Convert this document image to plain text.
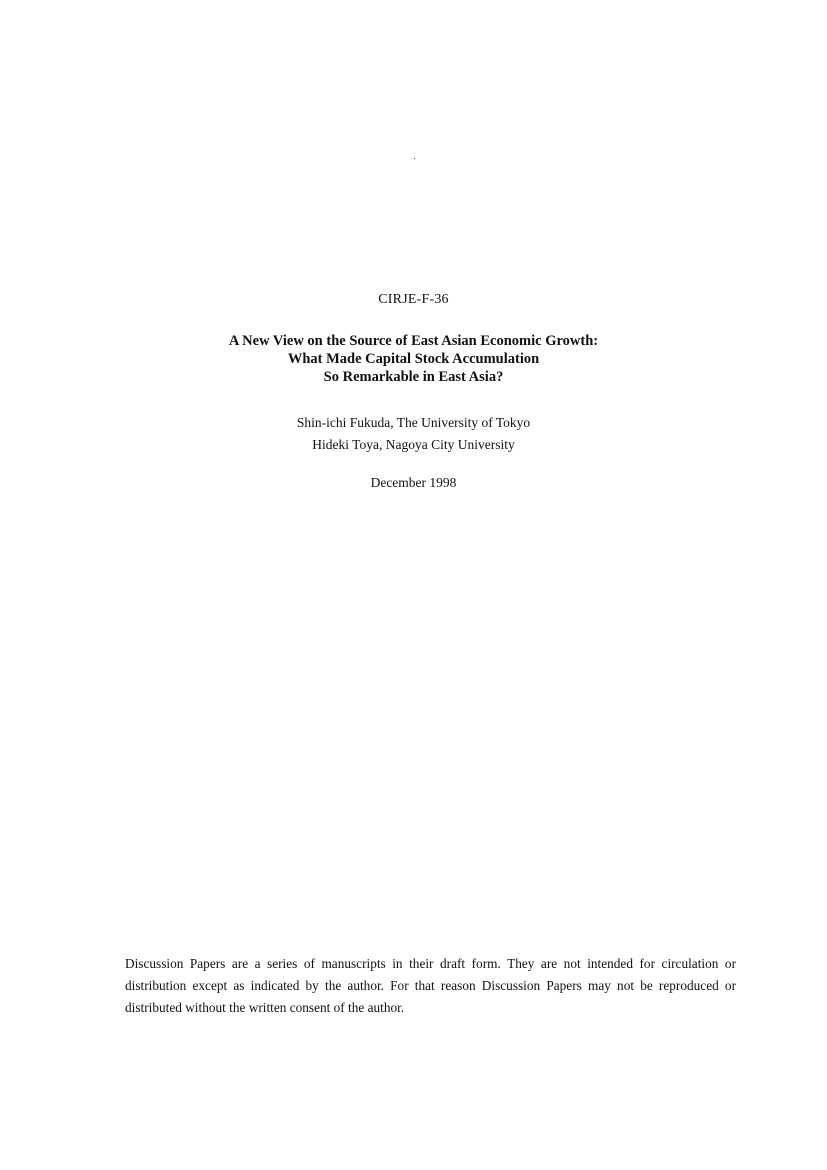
CIRJE-F-36
A New View on the Source of East Asian Economic Growth:
What Made Capital Stock Accumulation
So Remarkable in East Asia?
Shin-ichi Fukuda, The University of Tokyo
Hideki Toya, Nagoya City University
December 1998
Discussion Papers are a series of manuscripts in their draft form. They are not intended for circulation or distribution except as indicated by the author. For that reason Discussion Papers may not be reproduced or distributed without the written consent of the author.
